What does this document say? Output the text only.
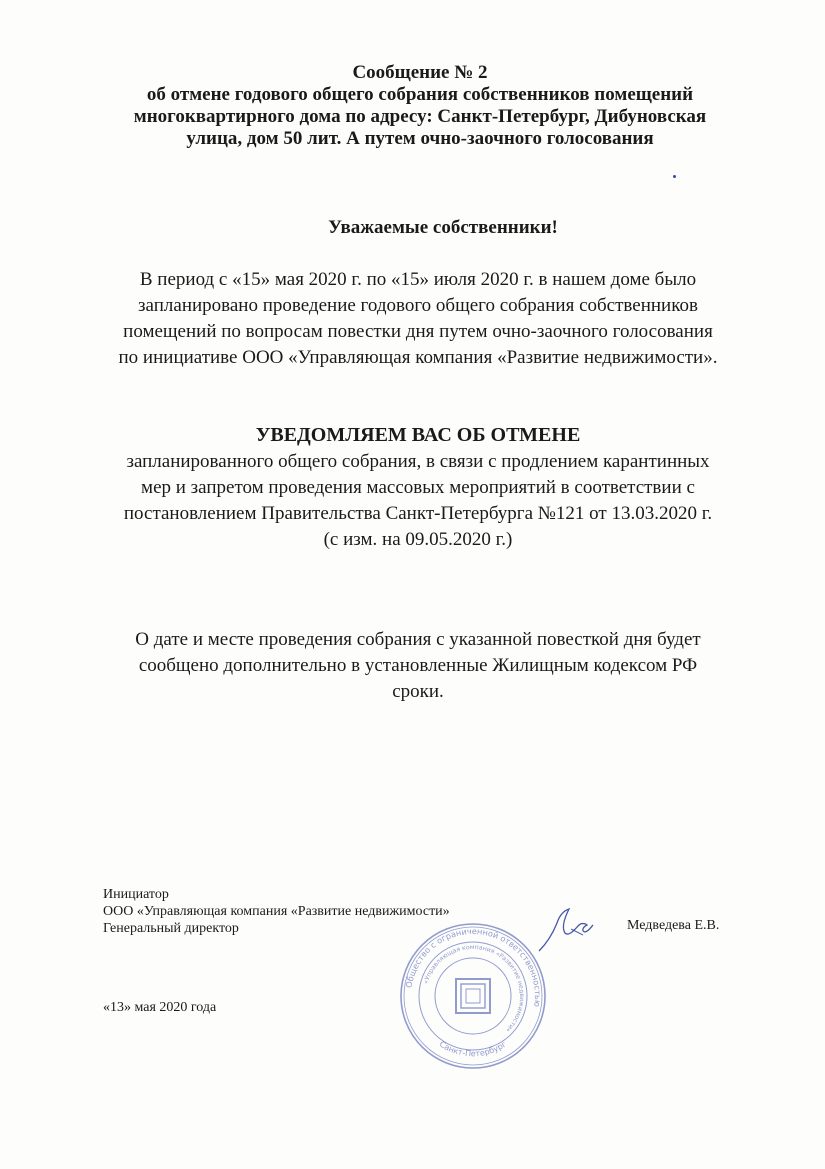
Сообщение № 2
об отмене годового общего собрания собственников помещений
многоквартирного дома по адресу: Санкт-Петербург, Дибуновская
улица, дом 50 лит. А путем очно-заочного голосования
Уважаемые собственники!
В период с «15» мая 2020 г. по «15» июля 2020 г. в нашем доме было
запланировано проведение годового общего собрания собственников
помещений по вопросам повестки дня путем очно-заочного голосования
по инициативе ООО «Управляющая компания «Развитие недвижимости».
УВЕДОМЛЯЕМ ВАС ОБ ОТМЕНЕ
запланированного общего собрания, в связи с продлением карантинных
мер и запретом проведения массовых мероприятий в соответствии с
постановлением Правительства Санкт-Петербурга №121 от 13.03.2020 г.
(с изм. на 09.05.2020 г.)
О дате и месте проведения собрания с указанной повесткой дня будет
сообщено дополнительно в установленные Жилищным кодексом РФ
сроки.
Инициатор
ООО «Управляющая компания «Развитие недвижимости»
Генеральный директор	Медведева Е.В.
«13» мая 2020 года
Общество с ограниченной ответственностью
«Управляющая компания «Развитие недвижимости»
Санкт-Петербург
